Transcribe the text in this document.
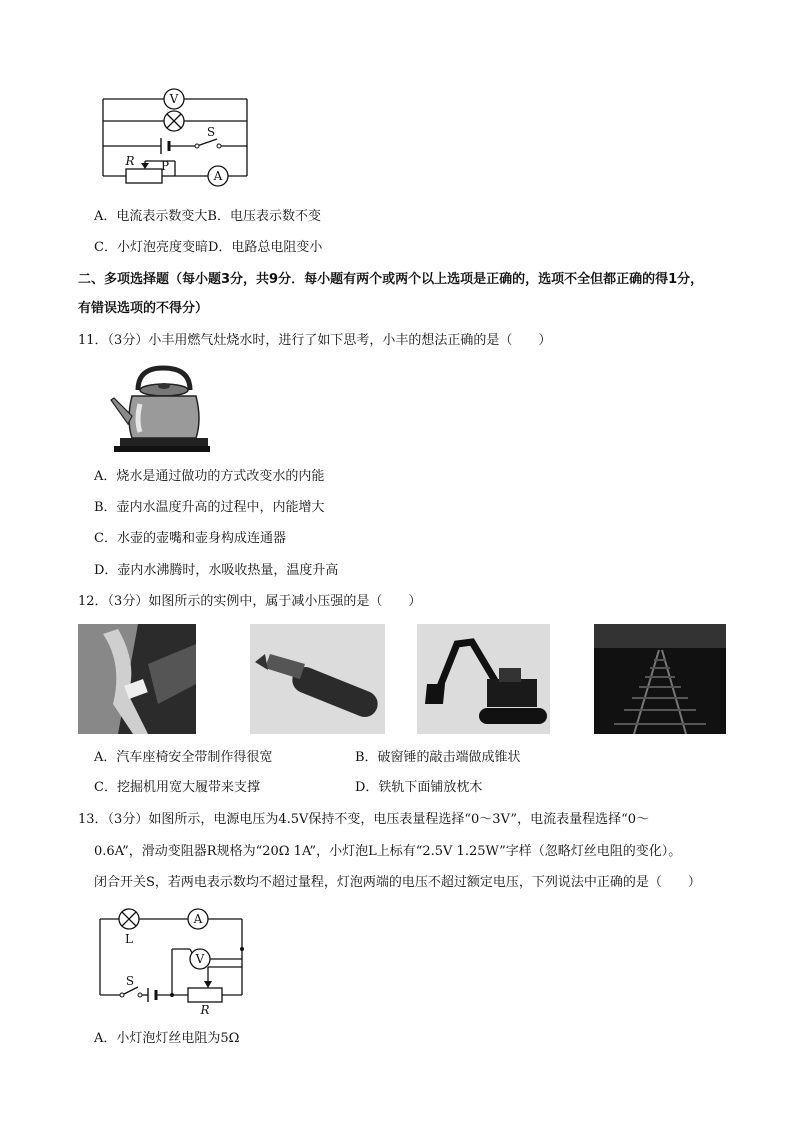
V
A
S
R P
A．电流表示数变大B．电压表示数不变
C．小灯泡亮度变暗D．电路总电阻变小
二、多项选择题（每小题3分，共9分．每小题有两个或两个以上选项是正确的，选项不全但都正确的得1分，
有错误选项的不得分）
11．（3分）小丰用燃气灶烧水时，进行了如下思考，小丰的想法正确的是（　　）
A．烧水是通过做功的方式改变水的内能
B．壶内水温度升高的过程中，内能增大
C．水壶的壶嘴和壶身构成连通器
D．壶内水沸腾时，水吸收热量，温度升高
12．（3分）如图所示的实例中，属于减小压强的是（　　）
A．汽车座椅安全带制作得很宽	B．破窗锤的敲击端做成锥状
C．挖掘机用宽大履带来支撑	D．铁轨下面铺放枕木
13．（3分）如图所示，电源电压为4.5V保持不变，电压表量程选择“0～3V”，电流表量程选择“0～
0.6A”，滑动变阻器R规格为“20Ω 1A”，小灯泡L上标有“2.5V 1.25W”字样（忽略灯丝电阻的变化）。
闭合开关S，若两电表示数均不超过量程，灯泡两端的电压不超过额定电压，下列说法中正确的是（　　）
L
A
V
S
R
A．小灯泡灯丝电阻为5Ω
